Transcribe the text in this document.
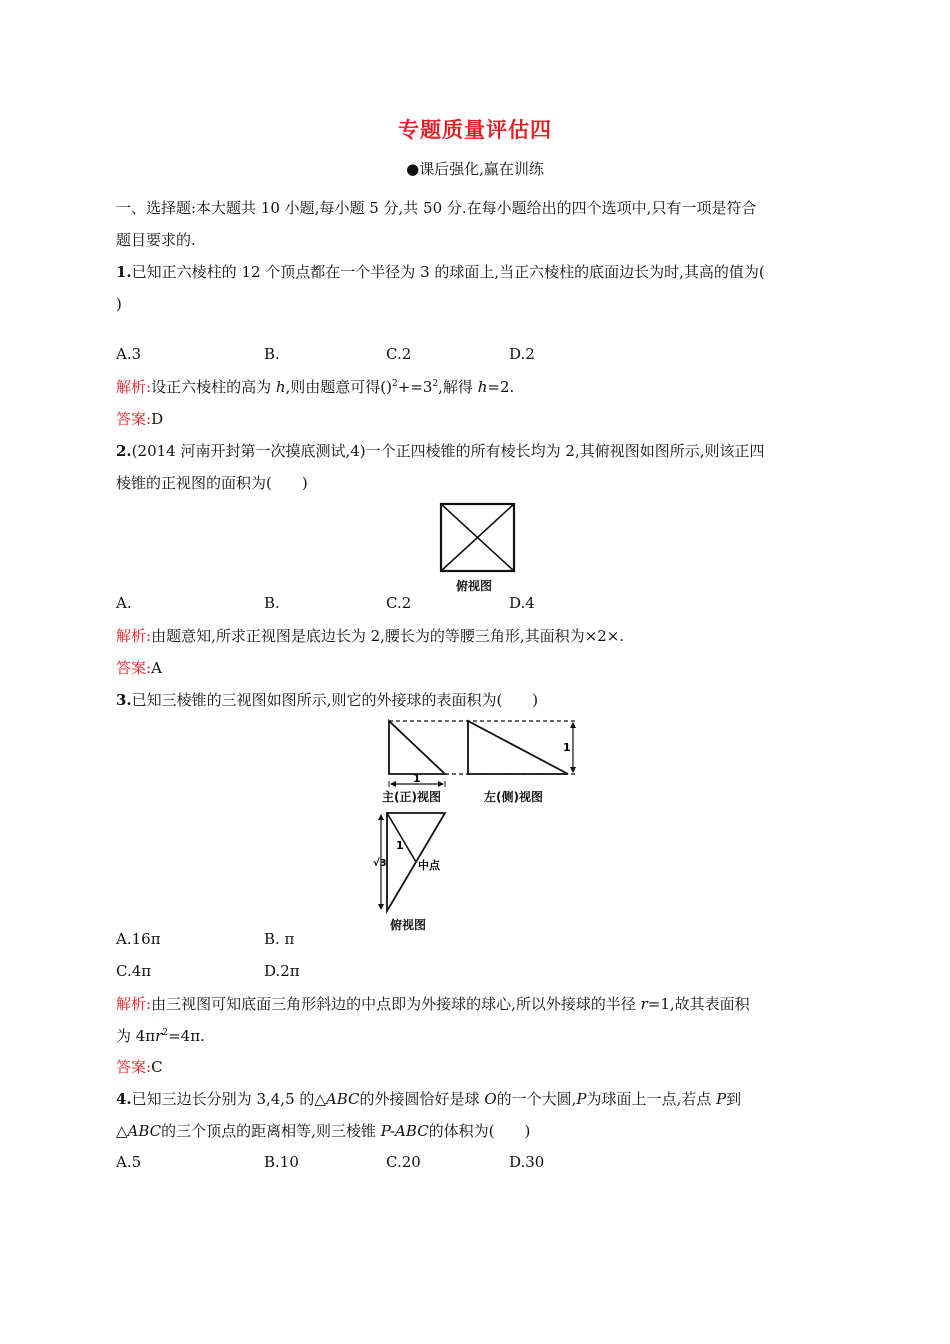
专题质量评估四
●课后强化,赢在训练
一、选择题:本大题共 10 小题,每小题 5 分,共 50 分.在每小题给出的四个选项中,只有一项是符合
题目要求的.
1.已知正六棱柱的 12 个顶点都在一个半径为 3 的球面上,当正六棱柱的底面边长为时,其高的值为(
)
A.3	B.	C.2	D.2
解析:设正六棱柱的高为 h,则由题意可得$()^2+=3^2$,解得 h=2.
答案:D
2.(2014 河南开封第一次摸底测试,4)一个正四棱锥的所有棱长均为 2,其俯视图如图所示,则该正四
棱锥的正视图的面积为(　　)
俯视图
A.	B.	C.2	D.4
解析:由题意知,所求正视图是底边长为 2,腰长为的等腰三角形,其面积为×2×.
答案:A
3.已知三棱锥的三视图如图所示,则它的外接球的表面积为(　　)
1
1
√3
1
中点
主(正)视图	左(侧)视图
俯视图
A.16π	B. π
C.4π	D.2π
解析:由三视图可知底面三角形斜边的中点即为外接球的球心,所以外接球的半径 r=1,故其表面积
为 $4\pi r^2=4\pi$.
答案:C
4.已知三边长分别为 3,4,5 的△ABC的外接圆恰好是球 O的一个大圆,P为球面上一点,若点 P到
△ABC的三个顶点的距离相等,则三棱锥 P-ABC的体积为(　　)
A.5	B.10	C.20	D.30
